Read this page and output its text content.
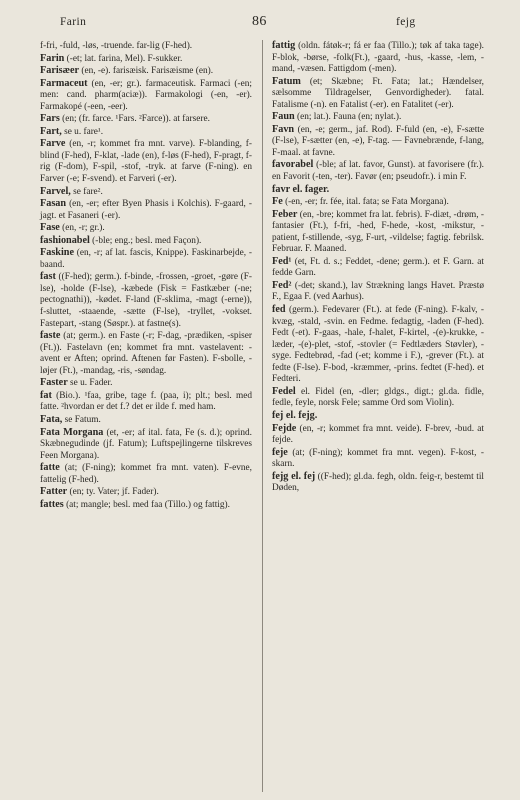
Farin	86	fejg

f-fri, -fuld, -løs, -truende. far-lig (F-hed).

Farin (-et; lat. farina, Mel). F-sukker.

Farisæer (en, -e). farisæisk. Farisæisme (en).

Farmaceut (en, -er; gr.). farmaceutisk. Farmaci (-en; men: cand. pharm(aciæ)). Farmakologi (-en, -er). Farmakopé (-een, -eer).

Fars (en; (fr. farce. ¹Fars. ²Farce)). at farsere.

Fart, se u. fare¹.

Farve (en, -r; kommet fra mnt. varve). F-blanding, f-blind (F-hed), F-klat, -lade (en), f-løs (F-hed), F-pragt, f-rig (F-dom), F-spil, -stof, -tryk. at farve (F-ning). en Farver (-e; F-svend). et Farveri (-er).

Farvel, se fare².

Fasan (en, -er; efter Byen Phasis i Kolchis). F-gaard, -jagt. et Fasaneri (-er).

Fase (en, -r; gr.).

fashionabel (-ble; eng.; besl. med Façon).

Faskine (en, -r; af lat. fascis, Knippe). Faskinarbejde, -baand.

fast ((F-hed); germ.). f-binde, -frossen, -groet, -gøre (F-lse), -holde (F-lse), -kæbede (Fisk = Fastkæber (-ne; pectognathi)), -kødet. F-land (F-sklima, -magt (-erne)), f-sluttet, -staaende, -sætte (F-lse), -tryllet, -vokset. Fastepart, -stang (Søspr.). at fastne(s).

faste (at; germ.). en Faste (-r; F-dag, -prædiken, -spiser (Ft.)). Fastelavn (en; kommet fra mnt. vastelavent: -avent er Aften; oprind. Aftenen før Fasten). F-sbolle, -løjer (Ft.), -mandag, -ris, -søndag.

Faster se u. Fader.

fat (Bio.). ¹faa, gribe, tage f. (paa, i); plt.; besl. med fatte. ²hvordan er det f.? det er ilde f. med ham.

Fata, se Fatum.

Fata Morgana (et, -er; af ital. fata, Fe (s. d.); oprind. Skæbnegudinde (jf. Fatum); Luftspejlingerne tilskreves Feen Morgana).

fatte (at; (F-ning); kommet fra mnt. vaten). F-evne, fattelig (F-hed).

Fatter (en; ty. Vater; jf. Fader).

fattes (at; mangle; besl. med faa (Tillo.) og fattig).

fattig (oldn. fátøk-r; fá er faa (Tillo.); tøk af taka tage). F-blok, -børse, -folk(Ft.), -gaard, -hus, -kasse, -lem, -mand, -væsen. Fattigdom (-men).

Fatum (et; Skæbne; Ft. Fata; lat.; Hændelser, sælsomme Tildragelser, Genvordigheder). fatal. Fatalisme (-n). en Fatalist (-er). en Fatalitet (-er).

Faun (en; lat.). Fauna (en; nylat.).

Favn (en, -e; germ., jaf. Rod). F-fuld (en, -e), F-sætte (F-lse), F-sætter (en, -e), F-tag. — Favnebrænde, f-lang, F-maal. at favne.

favorabel (-ble; af lat. favor, Gunst). at favorisere (fr.). en Favorit (-ten, -ter). Favør (en; pseudofr.). i min F.

favr el. fager.

Fe (-en, -er; fr. fée, ital. fata; se Fata Morgana).

Feber (en, -bre; kommet fra lat. febris). F-diæt, -drøm, -fantasier (Ft.), f-fri, -hed, F-hede, -kost, -mikstur, -patient, f-stillende, -syg, F-urt, -vildelse; fagtig. febrilsk. Februar. F. Maaned.

Fed¹ (et, Ft. d. s.; Feddet, -dene; germ.). et F. Garn. at fedde Garn.

Fed² (-det; skand.), lav Strækning langs Havet. Præstø F., Egaa F. (ved Aarhus).

fed (germ.). Fedevarer (Ft.). at fede (F-ning). F-kalv, -kvæg, -stald, -svin. en Fedme. fedagtig, -laden (F-hed). Fedt (-et). F-gaas, -hale, f-halet, F-kirtel, -(e)-krukke, -læder, -(e)-plet, -stof, -stovler (= Fedtlæders Støvler), -syge. Fedtebrød, -fad (-et; komme i F.), -grever (Ft.). at fedte (F-lse). F-bod, -kræmmer, -prins. fedtet (F-hed). et Fedteri.

Fedel el. Fidel (en, -dler; gldgs., digt.; gl.da. fidle, fedle, feyle, norsk Fele; samme Ord som Violin).

fej el. fejg.

Fejde (en, -r; kommet fra mnt. veide). F-brev, -bud. at fejde.

feje (at; (F-ning); kommet fra mnt. vegen). F-kost, -skarn.

fejg el. fej ((F-hed); gl.da. fegh, oldn. feig-r, bestemt til Døden,
